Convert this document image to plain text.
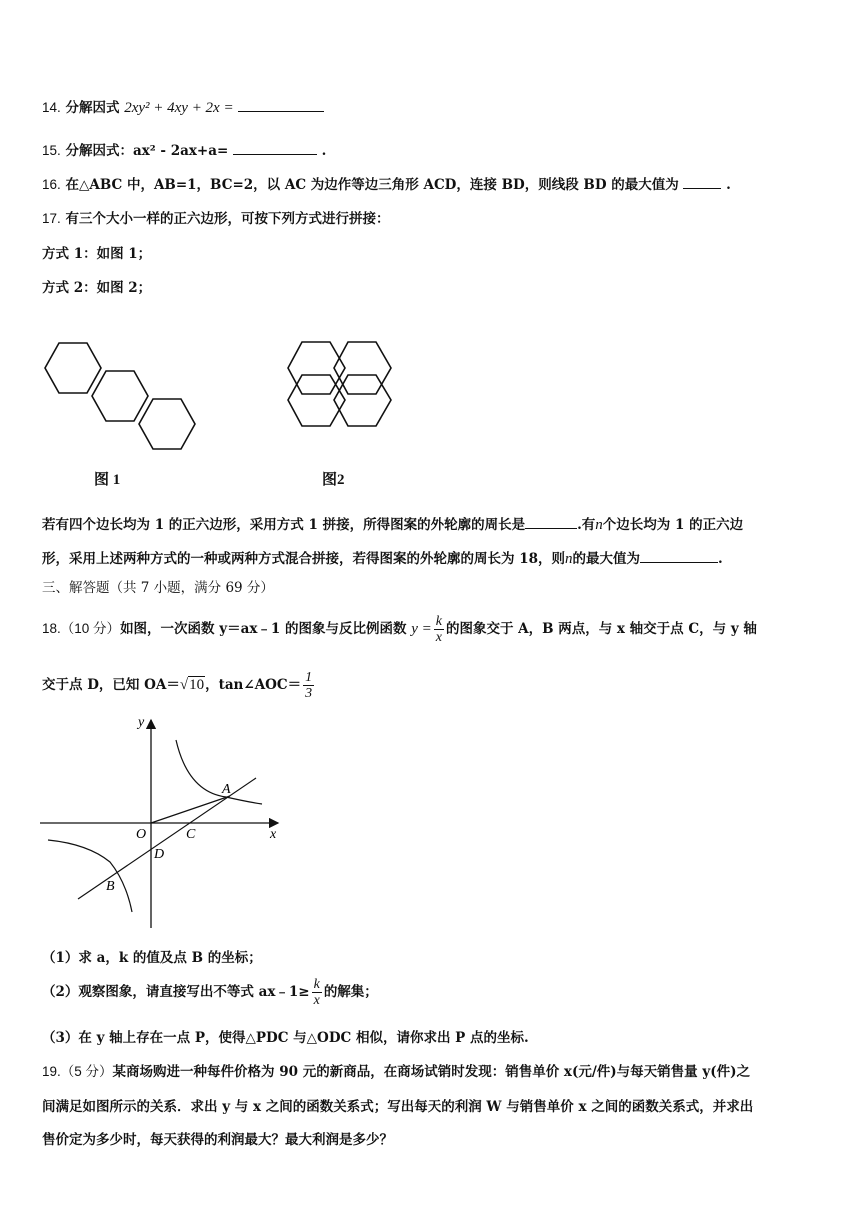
14. 分解因式 2xy² + 4xy + 2x =
15. 分解因式：ax² - 2ax+a=	.
16. 在△ABC 中，AB=1，BC=2，以 AC 为边作等边三角形 ACD，连接 BD，则线段 BD 的最大值为	.
17. 有三个大小一样的正六边形，可按下列方式进行拼接：
方式 1：如图 1；
方式 2：如图 2；
图 1	图2
若有四个边长均为 1 的正六边形，采用方式 1 拼接，所得图案的外轮廓的周长是	.有n个边长均为 1 的正六边
形，采用上述两种方式的一种或两种方式混合拼接，若得图案的外轮廓的周长为 18，则n的最大值为	.
三、解答题（共 7 小题，满分 69 分）
18.（10 分）如图，一次函数 y＝ax﹣1 的图象与反比例函数 $y = \frac{k}{x}$ 的图象交于 A，B 两点，与 x 轴交于点 C，与 y 轴
交于点 D，已知 OA＝√10，tan∠AOC＝ $\frac{1}{3}$
y
x
O	C
D
A
B
（1）求 a，k 的值及点 B 的坐标；
（2）观察图象，请直接写出不等式 ax﹣1≥ $\frac{k}{x}$ 的解集；
（3）在 y 轴上存在一点 P，使得△PDC 与△ODC 相似，请你求出 P 点的坐标.
19.（5 分）某商场购进一种每件价格为 90 元的新商品，在商场试销时发现：销售单价 x(元/件)与每天销售量 y(件)之
间满足如图所示的关系．求出 y 与 x 之间的函数关系式；写出每天的利润 W 与销售单价 x 之间的函数关系式，并求出
售价定为多少时，每天获得的利润最大？最大利润是多少？
